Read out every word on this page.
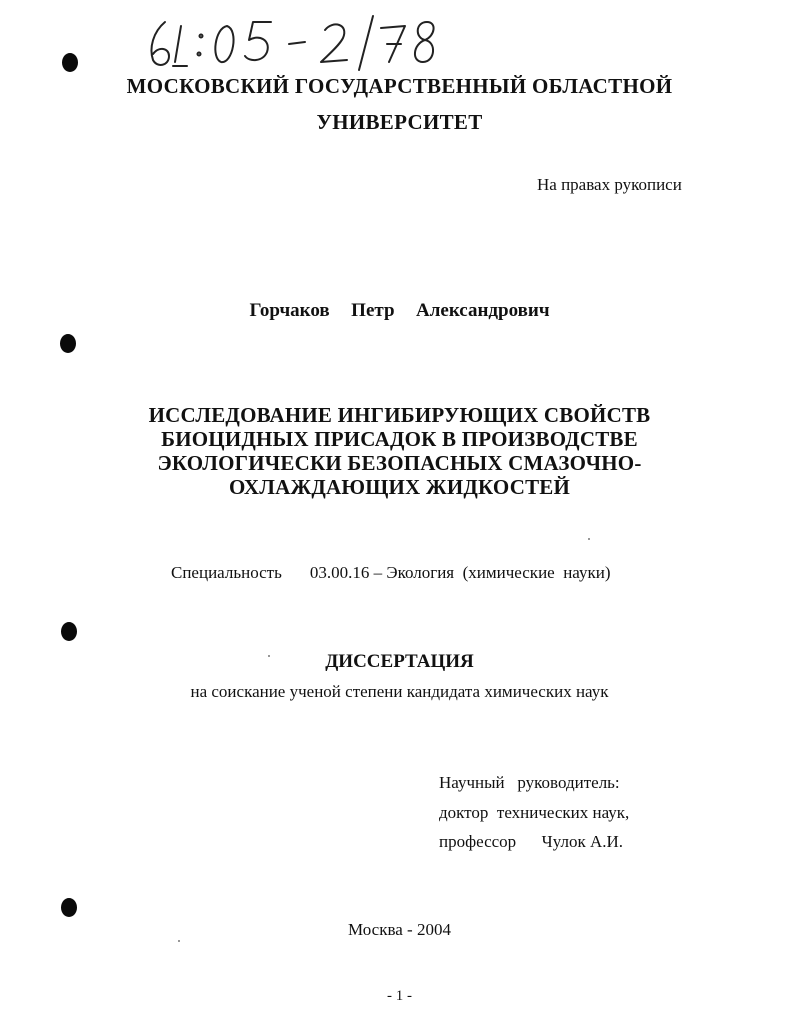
МОСКОВСКИЙ ГОСУДАРСТВЕННЫЙ ОБЛАСТНОЙ
УНИВЕРСИТЕТ
На правах рукописи
Горчаков  Петр  Александрович
ИССЛЕДОВАНИЕ ИНГИБИРУЮЩИХ СВОЙСТВ
БИОЦИДНЫХ ПРИСАДОК В ПРОИЗВОДСТВЕ
ЭКОЛОГИЧЕСКИ БЕЗОПАСНЫХ СМАЗОЧНО-
ОХЛАЖДАЮЩИХ ЖИДКОСТЕЙ
Специальность 03.00.16 – Экология  (химические  науки)
ДИССЕРТАЦИЯ
на соискание ученой степени кандидата химических наук
Научный   руководитель:
доктор  технических наук,
профессор      Чулок А.И.
Москва - 2004
- 1 -
